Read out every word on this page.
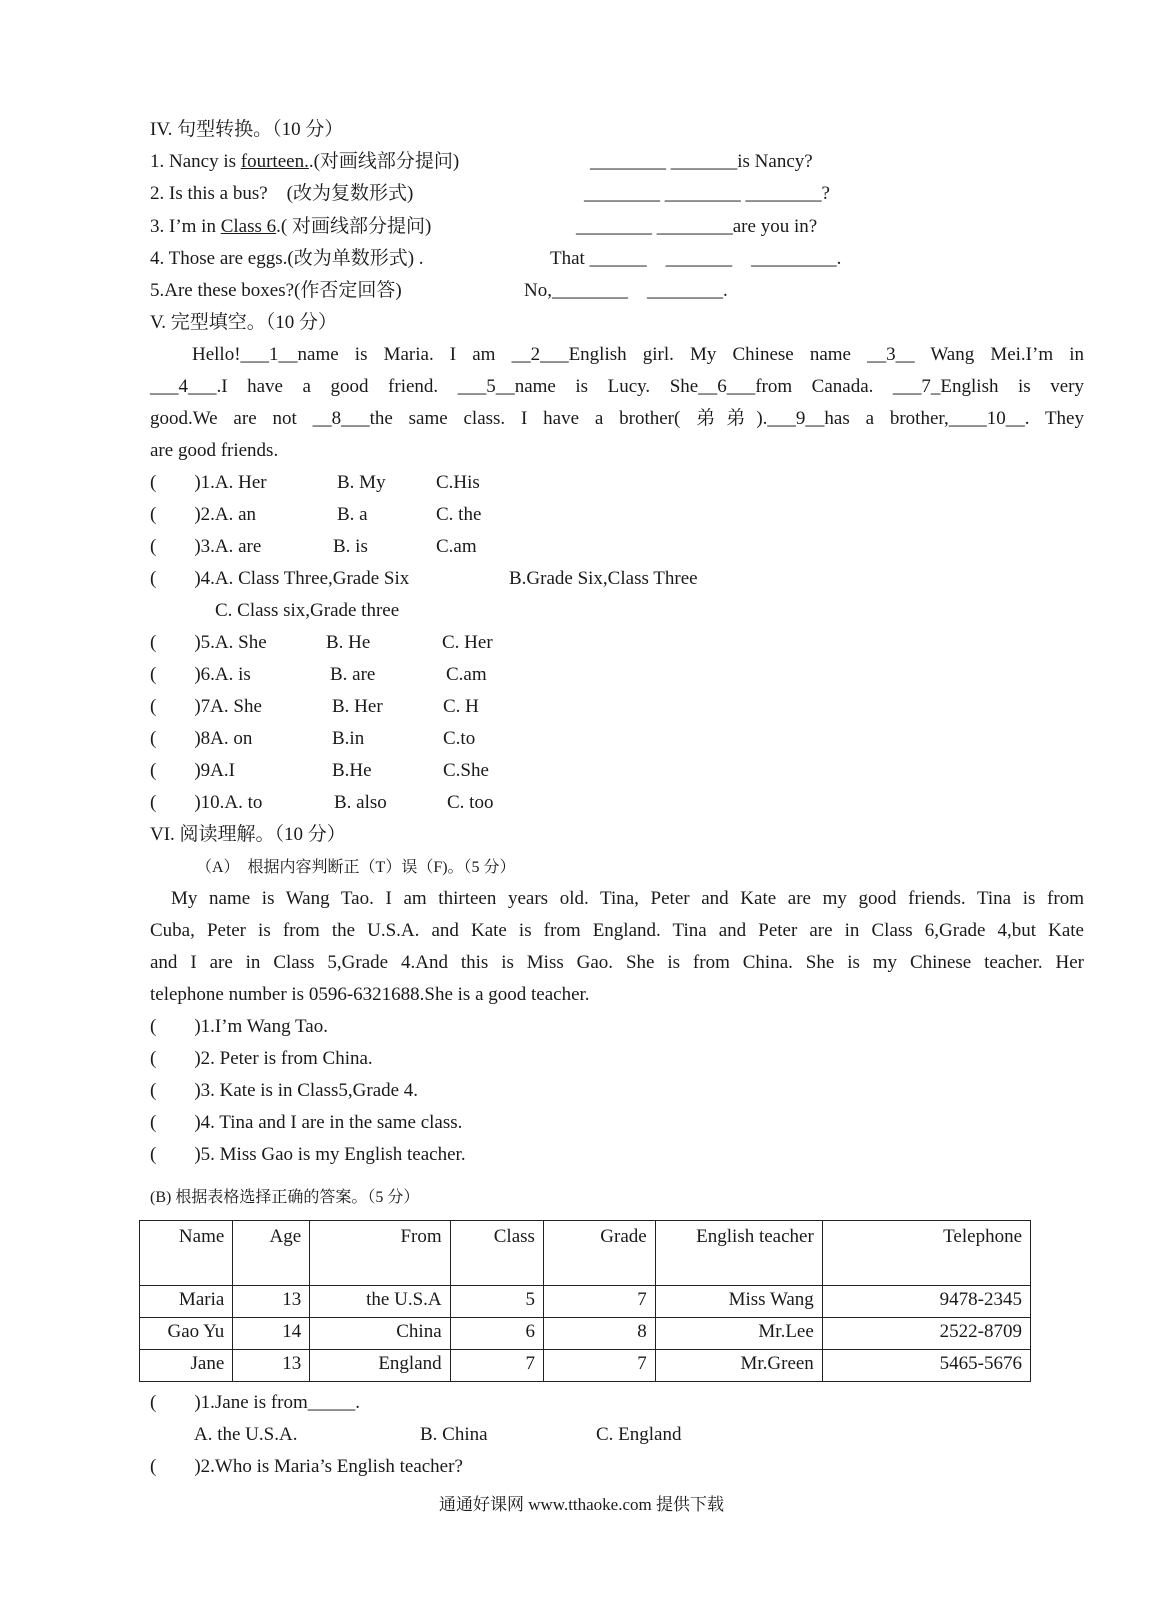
IV. 句型转换。（10 分）
1. Nancy is fourteen..(对画线部分提问)	________ _______is Nancy?
2. Is this a bus?　(改为复数形式)	________ ________ ________?
3. I’m in Class 6.( 对画线部分提问)	________ ________are you in?
4. Those are eggs.(改为单数形式) .	That ______　_______　_________.
5.Are these boxes?(作否定回答)	No,________　________.
V. 完型填空。（10 分）
Hello!___1__name is Maria. I am __2___English girl. My Chinese name __3__ Wang Mei.I’m in
___4___.I have a good friend. ___5__name is Lucy. She__6___from Canada. ___7_English is very
good.We are not __8___the same class. I have a brother( 弟弟).___9__has a brother,____10__. They
are good friends.
(　　)1.A. Her	B. My	C.His
(　　)2.A. an	B. a	C. the
(　　)3.A. are	B. is	C.am
(　　)4.A. Class Three,Grade Six	B.Grade Six,Class Three
C. Class six,Grade three
(　　)5.A. She	B. He	C. Her
(　　)6.A. is	B. are	C.am
(　　)7A. She	B. Her	C. H
(　　)8A. on	B.in	C.to
(　　)9A.I	B.He	C.She
(　　)10.A. to	B. also	C. too
VI. 阅读理解。（10 分）
（A）　根据内容判断正（T）误（F)。（5 分）
My name is Wang Tao. I am thirteen years old. Tina, Peter and Kate are my good friends. Tina is from
Cuba, Peter is from the U.S.A. and Kate is from England. Tina and Peter are in Class 6,Grade 4,but Kate
and I are in Class 5,Grade 4.And this is Miss Gao. She is from China. She is my Chinese teacher. Her
telephone number is 0596-6321688.She is a good teacher.
(　　)1.I’m Wang Tao.
(　　)2. Peter is from China.
(　　)3. Kate is in Class5,Grade 4.
(　　)4. Tina and I are in the same class.
(　　)5. Miss Gao is my English teacher.
(B) 根据表格选择正确的答案。（5 分）
Name	Age	From	Class	Grade	English teacher	Telephone
Maria	13	the U.S.A	5	7	Miss Wang	9478-2345
Gao Yu	14	China	6	8	Mr.Lee	2522-8709
Jane	13	England	7	7	Mr.Green	5465-5676
(　　)1.Jane is from_____.
A. the U.S.A.	B. China	C. England
(　　)2.Who is Maria’s English teacher?
通通好课网 www.tthaoke.com 提供下载
